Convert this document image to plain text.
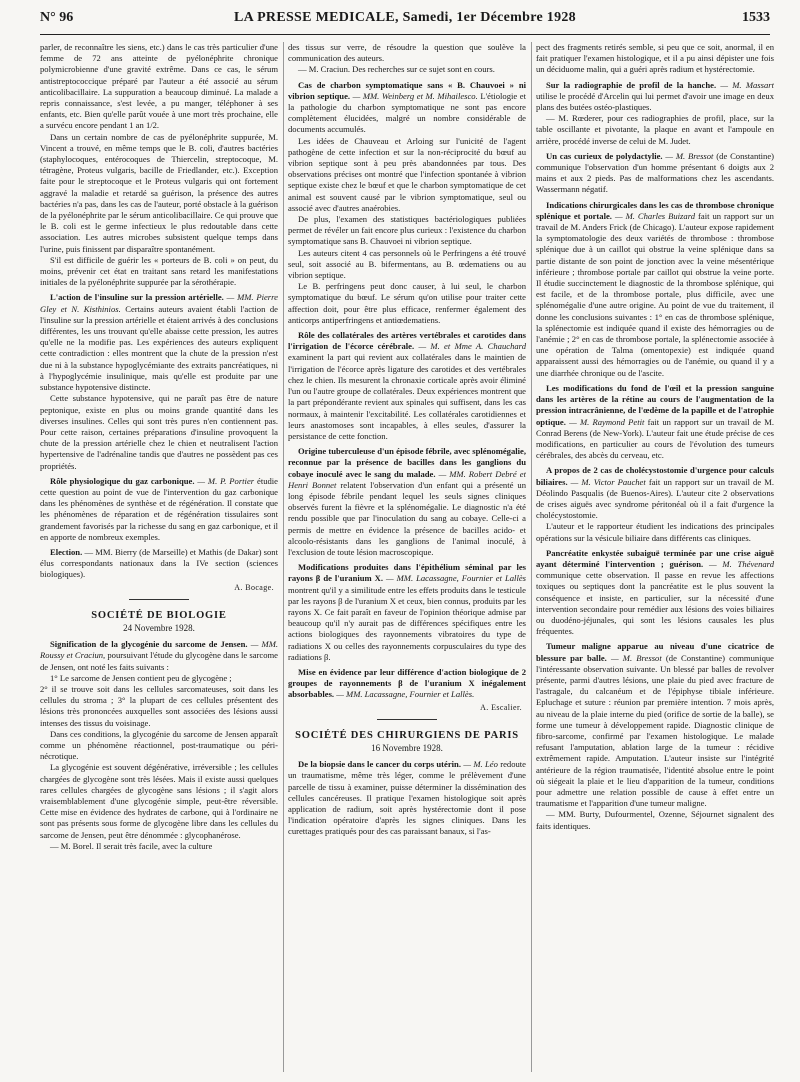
N° 96	LA PRESSE MEDICALE, Samedi, 1er Décembre 1928	1533

parler, de reconnaître les siens, etc.) dans le cas très particulier d'une femme de 72 ans atteinte de pyélonéphrite chronique polymicrobienne d'une gravité extrême. Dans ce cas, le sérum antistreptococcique préparé par l'auteur a été associé au sérum anticolibacillaire. La suppuration a beaucoup diminué. La malade a repris connaissance, s'est levée, a pu manger, téléphoner à ses enfants, etc. Bien qu'elle parût vouée à une mort très prochaine, elle a survécu encore pendant 1 an 1/2.

Dans un certain nombre de cas de pyélonéphrite suppurée, M. Vincent a trouvé, en même temps que le B. coli, d'autres bactéries (staphylocoques, entérocoques de Thiercelin, streptocoque, M. tétragène, Proteus vulgaris, bacille de Friedlander, etc.). Exception faite pour le streptocoque et le Proteus vulgaris qui ont fortement aggravé la maladie et retardé sa guérison, la présence des autres bactéries n'a pas, dans les cas de l'auteur, porté obstacle à la guérison de la pyélonéphrite par le sérum anticolibacillaire. Ce qui prouve que le B. coli est le germe infectieux le plus redoutable dans cette association. Les autres microbes subsistent quelque temps dans l'urine, puis finissent par disparaître spontanément.

S'il est difficile de guérir les « porteurs de B. coli » on peut, du moins, prévenir cet état en traitant sans retard les manifestations initiales de la pyélonéphrite suppurée par la sérothérapie.

L'action de l'insuline sur la pression artérielle. — MM. Pierre Gley et N. Kisthinios. Certains auteurs avaient établi l'action de l'insuline sur la pression artérielle et étaient arrivés à des conclusions différentes, les uns trouvant qu'elle abaisse cette pression, les autres qu'elle ne la modifie pas. Les expériences des auteurs expliquent cette contradiction : elles montrent que la chute de la pression n'est due ni à la substance hypoglycémiante des extraits pancréatiques, ni à l'hypoglycémie insulinique, mais qu'elle est produite par une substance hypotensive distincte.

Cette substance hypotensive, qui ne paraît pas être de nature peptonique, existe en plus ou moins grande quantité dans les diverses insulines. Celles qui sont très pures n'en contiennent pas. Pour cette raison, certaines préparations d'insuline provoquent la chute de la pression artérielle chez le chien et neutralisent l'action hypertensive de l'adrénaline tandis que d'autres ne possèdent pas ces propriétés.

Rôle physiologique du gaz carbonique. — M. P. Portier étudie cette question au point de vue de l'intervention du gaz carbonique dans les phénomènes de synthèse et de régénération. Il constate que les phénomènes de réparation et de régénération tissulaires sont grandement favorisés par la richesse du sang en gaz carbonique, et il en apporte de nombreux exemples.

Election. — MM. Bierry (de Marseille) et Mathis (de Dakar) sont élus correspondants nationaux dans la IVe section (sciences biologiques).

A. Bocage.

SOCIÉTÉ DE BIOLOGIE
24 Novembre 1928.

Signification de la glycogénie du sarcome de Jensen. — MM. Roussy et Craciun, poursuivant l'étude du glycogène dans le sarcome de Jensen, ont noté les faits suivants :

1° Le sarcome de Jensen contient peu de glycogène ;

2° il se trouve soit dans les cellules sarcomateuses, soit dans les cellules du stroma ; 3° la plupart de ces cellules présentent des lésions très prononcées auxquelles sont associées des lésions aussi intenses des tissus du voisinage.

Dans ces conditions, la glycogénie du sarcome de Jensen apparaît comme un phénomène réactionnel, post-traumatique ou péri-nécrotique.

La glycogénie est souvent dégénérative, irréversible ; les cellules chargées de glycogène sont très lésées. Mais il existe aussi quelques rares cellules chargées de glycogène sans lésions ; il s'agit alors vraisemblablement d'une glycogénie simple, peut-être réversible. Cette mise en évidence des hydrates de carbone, qui à l'ordinaire ne sont pas présents sous forme de glycogène libre dans les cellules du sarcome de Jensen, peut être dénommée : glycophanérose.

— M. Borel. Il serait très facile, avec la culture

des tissus sur verre, de résoudre la question que soulève la communication des auteurs.

— M. Craciun. Des recherches sur ce sujet sont en cours.

Cas de charbon symptomatique sans « B. Chauvoei » ni vibrion septique. — MM. Weinberg et M. Mihailesco. L'étiologie et la pathologie du charbon symptomatique ne sont pas encore complètement élucidées, malgré un nombre considérable de documents accumulés.

Les idées de Chauveau et Arloing sur l'unicité de l'agent pathogène de cette infection et sur la non-réciprocité du bœuf au vibrion septique sont à peu près abandonnées par tous. Des observations précises ont montré que l'infection spontanée à vibrion septique existe chez le bœuf et que le charbon symptomatique de cet animal est souvent causé par le vibrion symptomatique, seul ou associé avec d'autres anaérobies.

De plus, l'examen des statistiques bactériologiques publiées permet de révéler un fait encore plus curieux : l'existence du charbon symptomatique sans B. Chauvoei ni vibrion septique.

Les auteurs citent 4 cas personnels où le Perfringens a été trouvé seul, soit associé au B. bifermentans, au B. œdematiens ou au vibrion septique.

Le B. perfringens peut donc causer, à lui seul, le charbon symptomatique du bœuf. Le sérum qu'on utilise pour traiter cette affection doit, pour être plus efficace, renfermer également des anticorps antiperfringens et antiœdematiens.

Rôle des collatérales des artères vertébrales et carotides dans l'irrigation de l'écorce cérébrale. — M. et Mme A. Chauchard examinent la part qui revient aux collatérales dans le maintien de l'irrigation de l'écorce après ligature des carotides et des vertébrales chez le chien. Ils mesurent la chronaxie corticale après avoir éliminé l'un ou l'autre groupe de collatérales. Deux expériences montrent que la part prépondérante revient aux spinales qui suffisent, dans les cas normaux, à maintenir l'excitabilité. Les collatérales carotidiennes et leurs anastomoses sont incapables, à elles seules, d'assurer la persistance de cette fonction.

Origine tuberculeuse d'un épisode fébrile, avec splénomégalie, reconnue par la présence de bacilles dans les ganglions du cobaye inoculé avec le sang du malade. — MM. Robert Debré et Henri Bonnet relatent l'observation d'un enfant qui a présenté un long épisode fébrile pendant lequel les seuls signes cliniques observés furent la fièvre et la splénomégalie. Le diagnostic n'a été rendu possible que par l'inoculation du sang au cobaye. Celle-ci a permis de mettre en évidence la présence de bacilles acido- et alcoolo-résistants dans les ganglions de l'animal inoculé, à l'exclusion de toute lésion macroscopique.

Modifications produites dans l'épithélium séminal par les rayons β de l'uranium X. — MM. Lacassagne, Fournier et Lallès montrent qu'il y a similitude entre les effets produits dans le testicule par les rayons β de l'uranium X et ceux, bien connus, produits par les rayons X. Ce fait paraît en faveur de l'opinion théorique admise par beaucoup qu'il n'y aurait pas de différences spécifiques entre les actions biologiques des rayonnements vibratoires du type de radiations X ou celles des rayonnements corpusculaires du type des radiations β.

Mise en évidence par leur différence d'action biologique de 2 groupes de rayonnements β de l'uranium X inégalement absorbables. — MM. Lacassagne, Fournier et Lallès.

A. Escalier.

SOCIÉTÉ DES CHIRURGIENS DE PARIS
16 Novembre 1928.

De la biopsie dans le cancer du corps utérin. — M. Léo redoute un traumatisme, même très léger, comme le prélèvement d'une parcelle de tissu à examiner, puisse déterminer la dissémination des cellules cancéreuses. Il pratique l'examen histologique soit après application de radium, soit après hystérectomie dont il pose l'indication opératoire d'après les signes cliniques. Dans les curettages pratiqués pour des cas paraissant banaux, si l'as-

pect des fragments retirés semble, si peu que ce soit, anormal, il en fait pratiquer l'examen histologique, et il a pu ainsi dépister une fois un déciduome malin, qui a guéri après radium et hystérectomie.

Sur la radiographie de profil de la hanche. — M. Massart utilise le procédé d'Arcelin qui lui permet d'avoir une image en deux plans des butées ostéo-plastiques.

— M. Rœderer, pour ces radiographies de profil, place, sur la table oscillante et pivotante, la plaque en avant et l'ampoule en arrière, procédé inverse de celui de M. Judet.

Un cas curieux de polydactylie. — M. Bressot (de Constantine) communique l'observation d'un homme présentant 6 doigts aux 2 mains et aux 2 pieds. Pas de malformations chez les ascendants. Wassermann négatif.

Indications chirurgicales dans les cas de thrombose chronique splénique et portale. — M. Charles Buizard fait un rapport sur un travail de M. Anders Frick (de Chicago). L'auteur expose rapidement la symptomatologie des deux variétés de thrombose : thrombose splénique due à un caillot qui obstrue la veine splénique dans sa partie distante de son point de jonction avec la veine mésentérique inférieure ; thrombose portale par caillot qui obstrue la veine porte. Il étudie succinctement le diagnostic de la thrombose splénique, qui est facile, et de la thrombose portale, plus difficile, avec une splénomégalie d'une autre origine. Au point de vue du traitement, il donne les conclusions suivantes : 1° en cas de thrombose splénique, la splénectomie est indiquée quand il existe des hémorragies ou de l'anémie ; 2° en cas de thrombose portale, la splénectomie associée à une opération de Talma (omentopexie) est indiquée quand apparaissent aussi des hémorragies ou de l'anémie, ou quand il y a une diarrhée chronique ou de l'ascite.

Les modifications du fond de l'œil et la pression sanguine dans les artères de la rétine au cours de l'augmentation de la pression intracrânienne, de l'œdème de la papille et de l'atrophie optique. — M. Raymond Petit fait un rapport sur un travail de M. Conrad Berens (de New-York). L'auteur fait une étude précise de ces modifications, en particulier au cours de l'évolution des tumeurs cérébrales, des abcès du cerveau, etc.

A propos de 2 cas de cholécystostomie d'urgence pour calculs biliaires. — M. Victor Pauchet fait un rapport sur un travail de M. Déolindo Pasqualis (de Buenos-Aires). L'auteur cite 2 observations de crises aiguës avec syndrome péritonéal où il a fait d'urgence la cholécystostomie.

L'auteur et le rapporteur étudient les indications des principales opérations sur la vésicule biliaire dans différents cas cliniques.

Pancréatite enkystée subaiguë terminée par une crise aiguë ayant déterminé l'intervention ; guérison. — M. Thévenard communique cette observation. Il passe en revue les affections toxiques ou septiques dont la pancréatite est le plus souvent la conséquence et insiste, en particulier, sur la nécessité d'une intervention secondaire pour remédier aux lésions des voies biliaires ou duodéno-jéjunales, qui sont les lésions causales les plus fréquentes.

Tumeur maligne apparue au niveau d'une cicatrice de blessure par balle. — M. Bressot (de Constantine) communique l'intéressante observation suivante. Un blessé par balles de revolver présente, parmi d'autres lésions, une plaie du pied avec fracture de l'astragale, du calcanéum et de l'épiphyse tibiale inférieure. Epluchage et suture : réunion par première intention. 7 mois après, au niveau de la plaie interne du pied (orifice de sortie de la balle), se forme une tumeur à développement rapide. Diagnostic clinique de fibro-sarcome, confirmé par l'examen histologique. Le malade refusant l'amputation, ablation large de la tumeur : récidive extrêmement rapide. Amputation. L'auteur insiste sur l'intégrité antérieure de la région traumatisée, l'identité absolue entre le point où siégeait la plaie et le lieu d'apparition de la tumeur, conditions pour admettre une relation possible de cause à effet entre un traumatisme et l'apparition d'une tumeur maligne.

— MM. Burty, Dufourmentel, Ozenne, Séjournet signalent des faits identiques.
